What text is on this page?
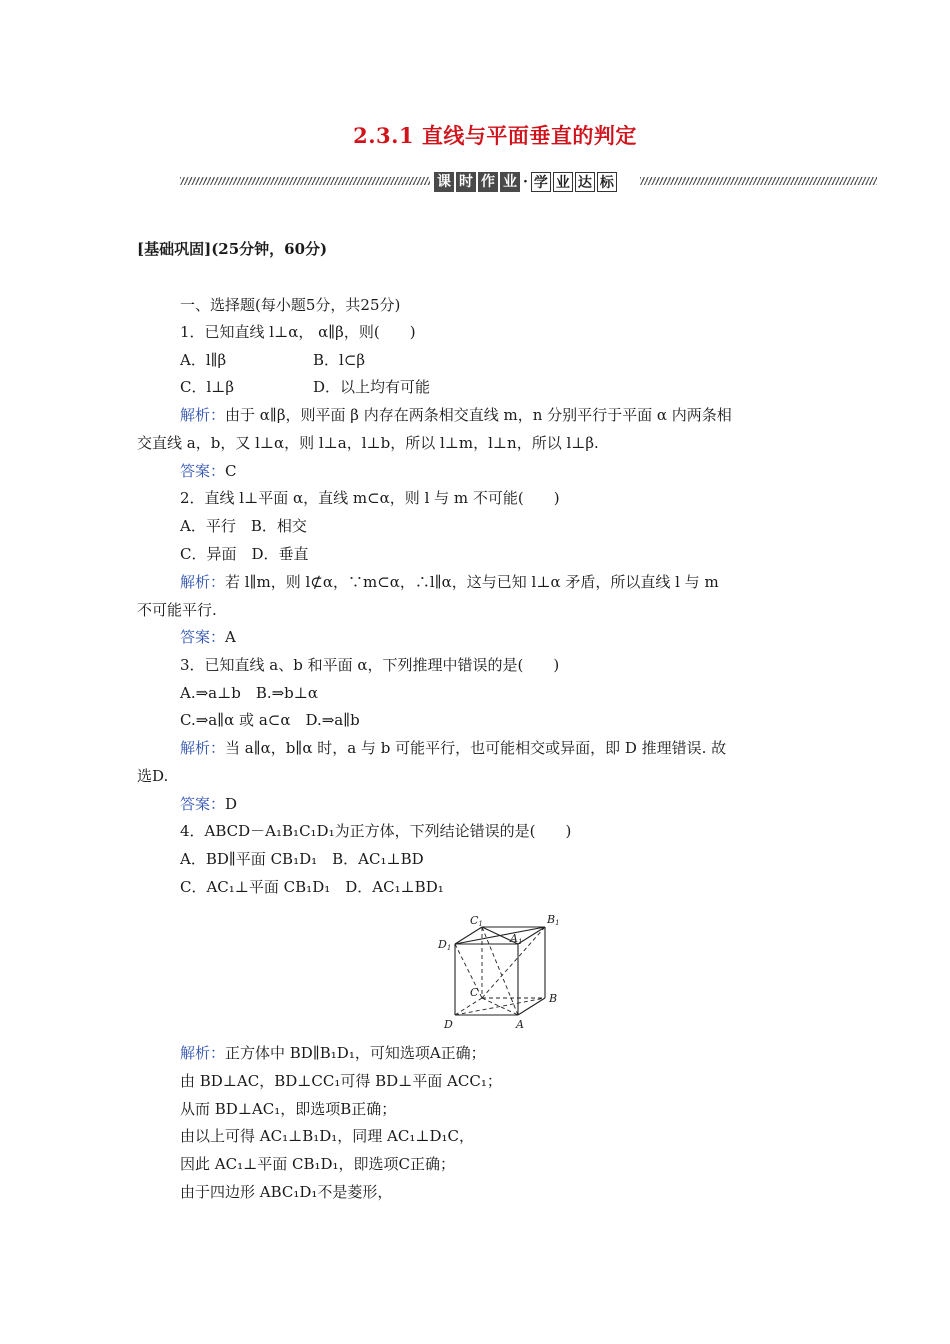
2.3.1 直线与平面垂直的判定
课 时 作 业 · 学 业 达 标
[基础巩固](25分钟，60分)
一、选择题(每小题5分，共25分)
1．已知直线 l⊥α， α∥β，则(　　)
A．l∥β	B．l⊂β
C．l⊥β	D．以上均有可能
解析：由于 α∥β，则平面 β 内存在两条相交直线 m，n 分别平行于平面 α 内两条相
交直线 a，b，又 l⊥α，则 l⊥a，l⊥b，所以 l⊥m，l⊥n，所以 l⊥β.
答案：C
2．直线 l⊥平面 α，直线 m⊂α，则 l 与 m 不可能(　　)
A．平行　B．相交
C．异面　D．垂直
解析：若 l∥m，则 l⊄α，∵m⊂α，∴l∥α，这与已知 l⊥α 矛盾，所以直线 l 与 m
不可能平行.
答案：A
3．已知直线 a、b 和平面 α，下列推理中错误的是(　　)
A.⇒a⊥b　B.⇒b⊥α
C.⇒a∥α 或 a⊂α　D.⇒a∥b
解析：当 a∥α，b∥α 时，a 与 b 可能平行，也可能相交或异面，即 D 推理错误. 故
选D.
答案：D
4．ABCD－A₁B₁C₁D₁为正方体，下列结论错误的是(　　)
A．BD∥平面 CB₁D₁　B．AC₁⊥BD
C．AC₁⊥平面 CB₁D₁　D．AC₁⊥BD₁
解析：正方体中 BD∥B₁D₁，可知选项A正确；
由 BD⊥AC，BD⊥CC₁可得 BD⊥平面 ACC₁；
从而 BD⊥AC₁，即选项B正确；
由以上可得 AC₁⊥B₁D₁，同理 AC₁⊥D₁C，
因此 AC₁⊥平面 CB₁D₁，即选项C正确；
由于四边形 ABC₁D₁不是菱形，
C1	B1
D1
A1
C	B
D	A
